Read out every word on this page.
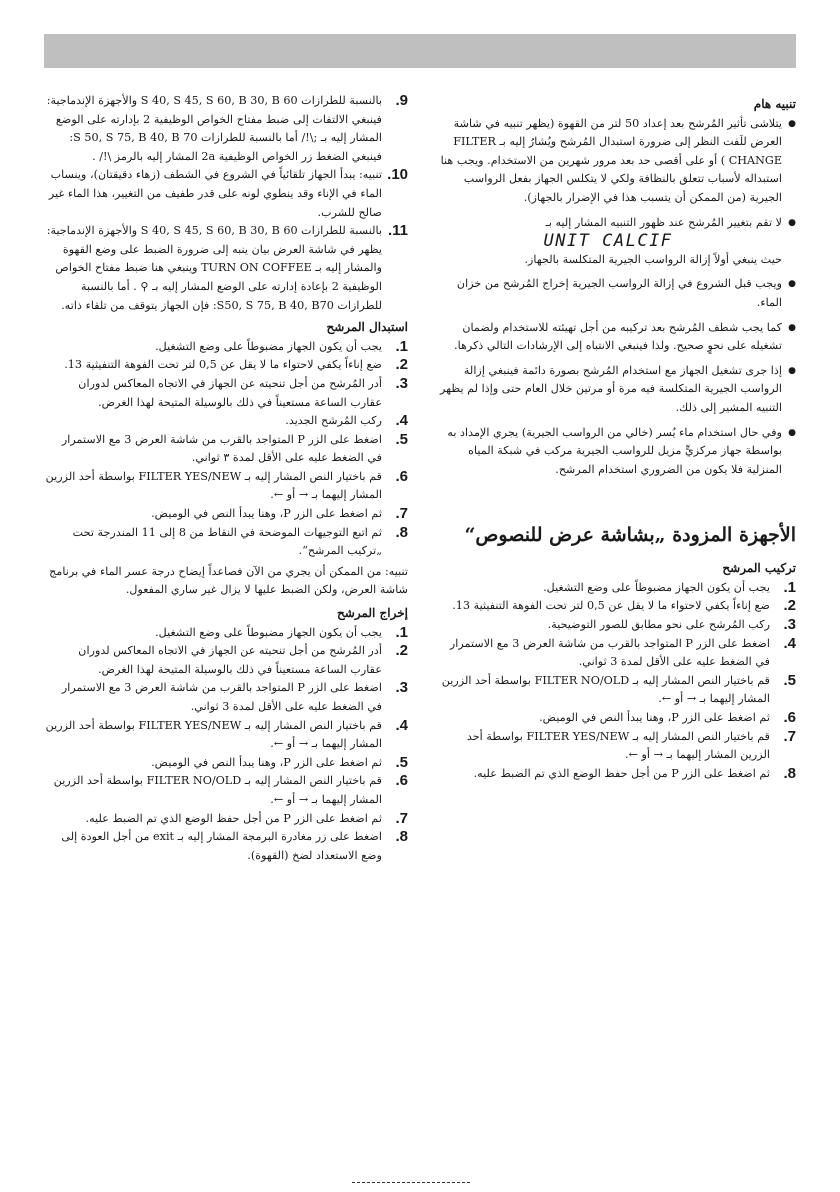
تنبيه هام

● يتلاشى تأثير المُرشح بعد إعداد 50 لتر من القهوة (يظهر تنبيه في شاشة العرض للَفت النظر إلى ضرورة استبدال المُرشح ويُشارُ إليه بـ FILTER CHANGE ) أو على أقصى حد بعد مرور شهرين من الاستخدام. ويجب هنا استبداله لأسباب تتعلق بالنظافة ولكي لا يتكلس الجهاز بفعل الرواسب الجيرية (من الممكن أن يتسبب هذا في الإضرار بالجهاز).

● لا تقم بتغيير المُرشح عند ظهور التنبيه المشار إليه بـ
UNIT CALCIF
حيث ينبغي أولاً إزالة الرواسب الجيرية المتكلسة بالجهاز.

● ويجب قبل الشروع في إزالة الرواسب الجيرية إخراج المُرشح من خزان الماء.

● كما يجب شطف المُرشح بعد تركيبه من أجل تهيئته للاستخدام ولضمان تشغيله على نحوٍ صحيح. ولذا فينبغي الانتباه إلى الإرشادات التالي ذكرها.

● إذا جرى تشغيل الجهاز مع استخدام المُرشح بصورة دائمة فينبغي إزالة الرواسب الجيرية المتكلسة فيه مرة أو مرتين خلال العام حتى وإذا لم يظهر التنبيه المشير إلى ذلك.

● وفي حال استخدام ماء يُسر (خالي من الرواسب الجيرية) يجري الإمداد به بواسطة جهاز مركزيٍّ مزيل للرواسب الجيرية مركب في شبكة المياه المنزلية فلا يكون من الضروري استخدام المرشح.

الأجهزة المزودة „بشاشة عرض للنصوص“
تركيب المرشح
1.
يجب أن يكون الجهاز مضبوطاً على وضع التشغيل.
2.
ضع إناءاً يكفي لاحتواء ما لا يقل عن 0,5 لتر تحت الفوهة التنفيثية 13.
3.
ركب المُرشح على نحو مطابق للصور التوضيحية.
4.
اضغط على الزر P المتواجد بالقرب من شاشة العرض 3 مع الاستمرار في الضغط عليه على الأقل لمدة 3 ثواني.
5.
قم باختيار النص المشار إليه بـ FILTER NO/OLD بواسطة أحد الزرين المشار إليهما بـ → أو ←.
6.
ثم اضغط على الزر P، وهنا يبدأ النص في الوميض.
7.
قم باختيار النص المشار إليه بـ FILTER YES/NEW بواسطة أحد الزرين المشار إليهما بـ → أو ←.
8.
ثم اضغط على الزر P من أجل حفظ الوضع الذي تم الضبط عليه.
9.
بالنسبة للطرازات S 40, S 45, S 60, B 30, B 60 والأجهزة الإندماجية: فينبغي الالتفات إلى ضبط مفتاح الخواص الوظيفية 2 بإدارته على الوضع المشار إليه بـ ;\!/ أما بالنسبة للطرازات S 50, S 75, B 40, B 70: فينبغي الضغط زر الخواص الوظيفية 2a المشار إليه بالرمز \!/ .
10.
تنبيه: يبدأ الجهاز تلقائياً في الشروع في الشطف (زهاء دقيقتان)، وينساب الماء في الإناء وقد ينطوي لونه على قدر طفيف من التغيير، هذا الماء غير صالح للشرب.
11.
بالنسبة للطرازات S 40, S 45, S 60, B 30, B 60 والأجهزة الإندماجية: يظهر في شاشة العرض بيان ينبه إلى ضرورة الضبط على وضع القهوة والمشار إليه بـ TURN ON COFFEE وينبغي هنا ضبط مفتاح الخواص الوظيفية 2 بإعادة إدارته على الوضع المشار إليه بـ ⚲ . أما بالنسبة للطرازات S50, S 75, B 40, B70: فإن الجهاز يتوقف من تلقاء ذاته.
استبدال المرشح
1.
يجب أن يكون الجهاز مضبوطاً على وضع التشغيل.
2.
ضع إناءاً يكفي لاحتواء ما لا يقل عن 0,5 لتر تحت الفوهة التنفيثية 13.
3.
أدر المُرشح من أجل تنحيته عن الجهاز في الاتجاه المعاكس لدوران عقارب الساعة مستعيناً في ذلك بالوسيلة المتيحة لهذا الغرض.
4.
ركب المُرشح الجديد.
5.
اضغط على الزر P المتواجد بالقرب من شاشة العرض 3 مع الاستمرار في الضغط عليه على الأقل لمدة ٣ ثواني.
6.
قم باختيار النص المشار إليه بـ FILTER YES/NEW بواسطة أحد الزرين المشار إليهما بـ → أو ←.
7.
ثم اضغط على الزر P، وهنا يبدأ النص في الوميض.
8.
ثم اتبع التوجيهات الموضحة في النقاط من 8 إلى 11 المندرجة تحت „تركيب المرشح“.

تنبيه: من الممكن أن يجري من الآن فصاعداً إيضاح درجة عسر الماء في برنامج شاشة العرض، ولكن الضبط عليها لا يزال غير ساري المفعول.

إخراج المرشح
1.
يجب أن يكون الجهاز مضبوطاً على وضع التشغيل.
2.
أدر المُرشح من أجل تنحيته عن الجهاز في الاتجاه المعاكس لدوران عقارب الساعة مستعيناً في ذلك بالوسيلة المتيحة لهذا الغرض.
3.
اضغط على الزر P المتواجد بالقرب من شاشة العرض 3 مع الاستمرار في الضغط عليه على الأقل لمدة 3 ثواني.
4.
قم باختيار النص المشار إليه بـ FILTER YES/NEW بواسطة أحد الزرين المشار إليهما بـ → أو ←.
5.
ثم اضغط على الزر P، وهنا يبدأ النص في الوميض.
6.
قم باختيار النص المشار إليه بـ FILTER NO/OLD بواسطة أحد الزرين المشار إليهما بـ → أو ←.
7.
ثم اضغط على الزر P من أجل حفظ الوضع الذي تم الضبط عليه.
8.
اضغط على زر مغادرة البرمجة المشار إليه بـ exit من أجل العودة إلى وضع الاستعداد لضخ (القهوة).
